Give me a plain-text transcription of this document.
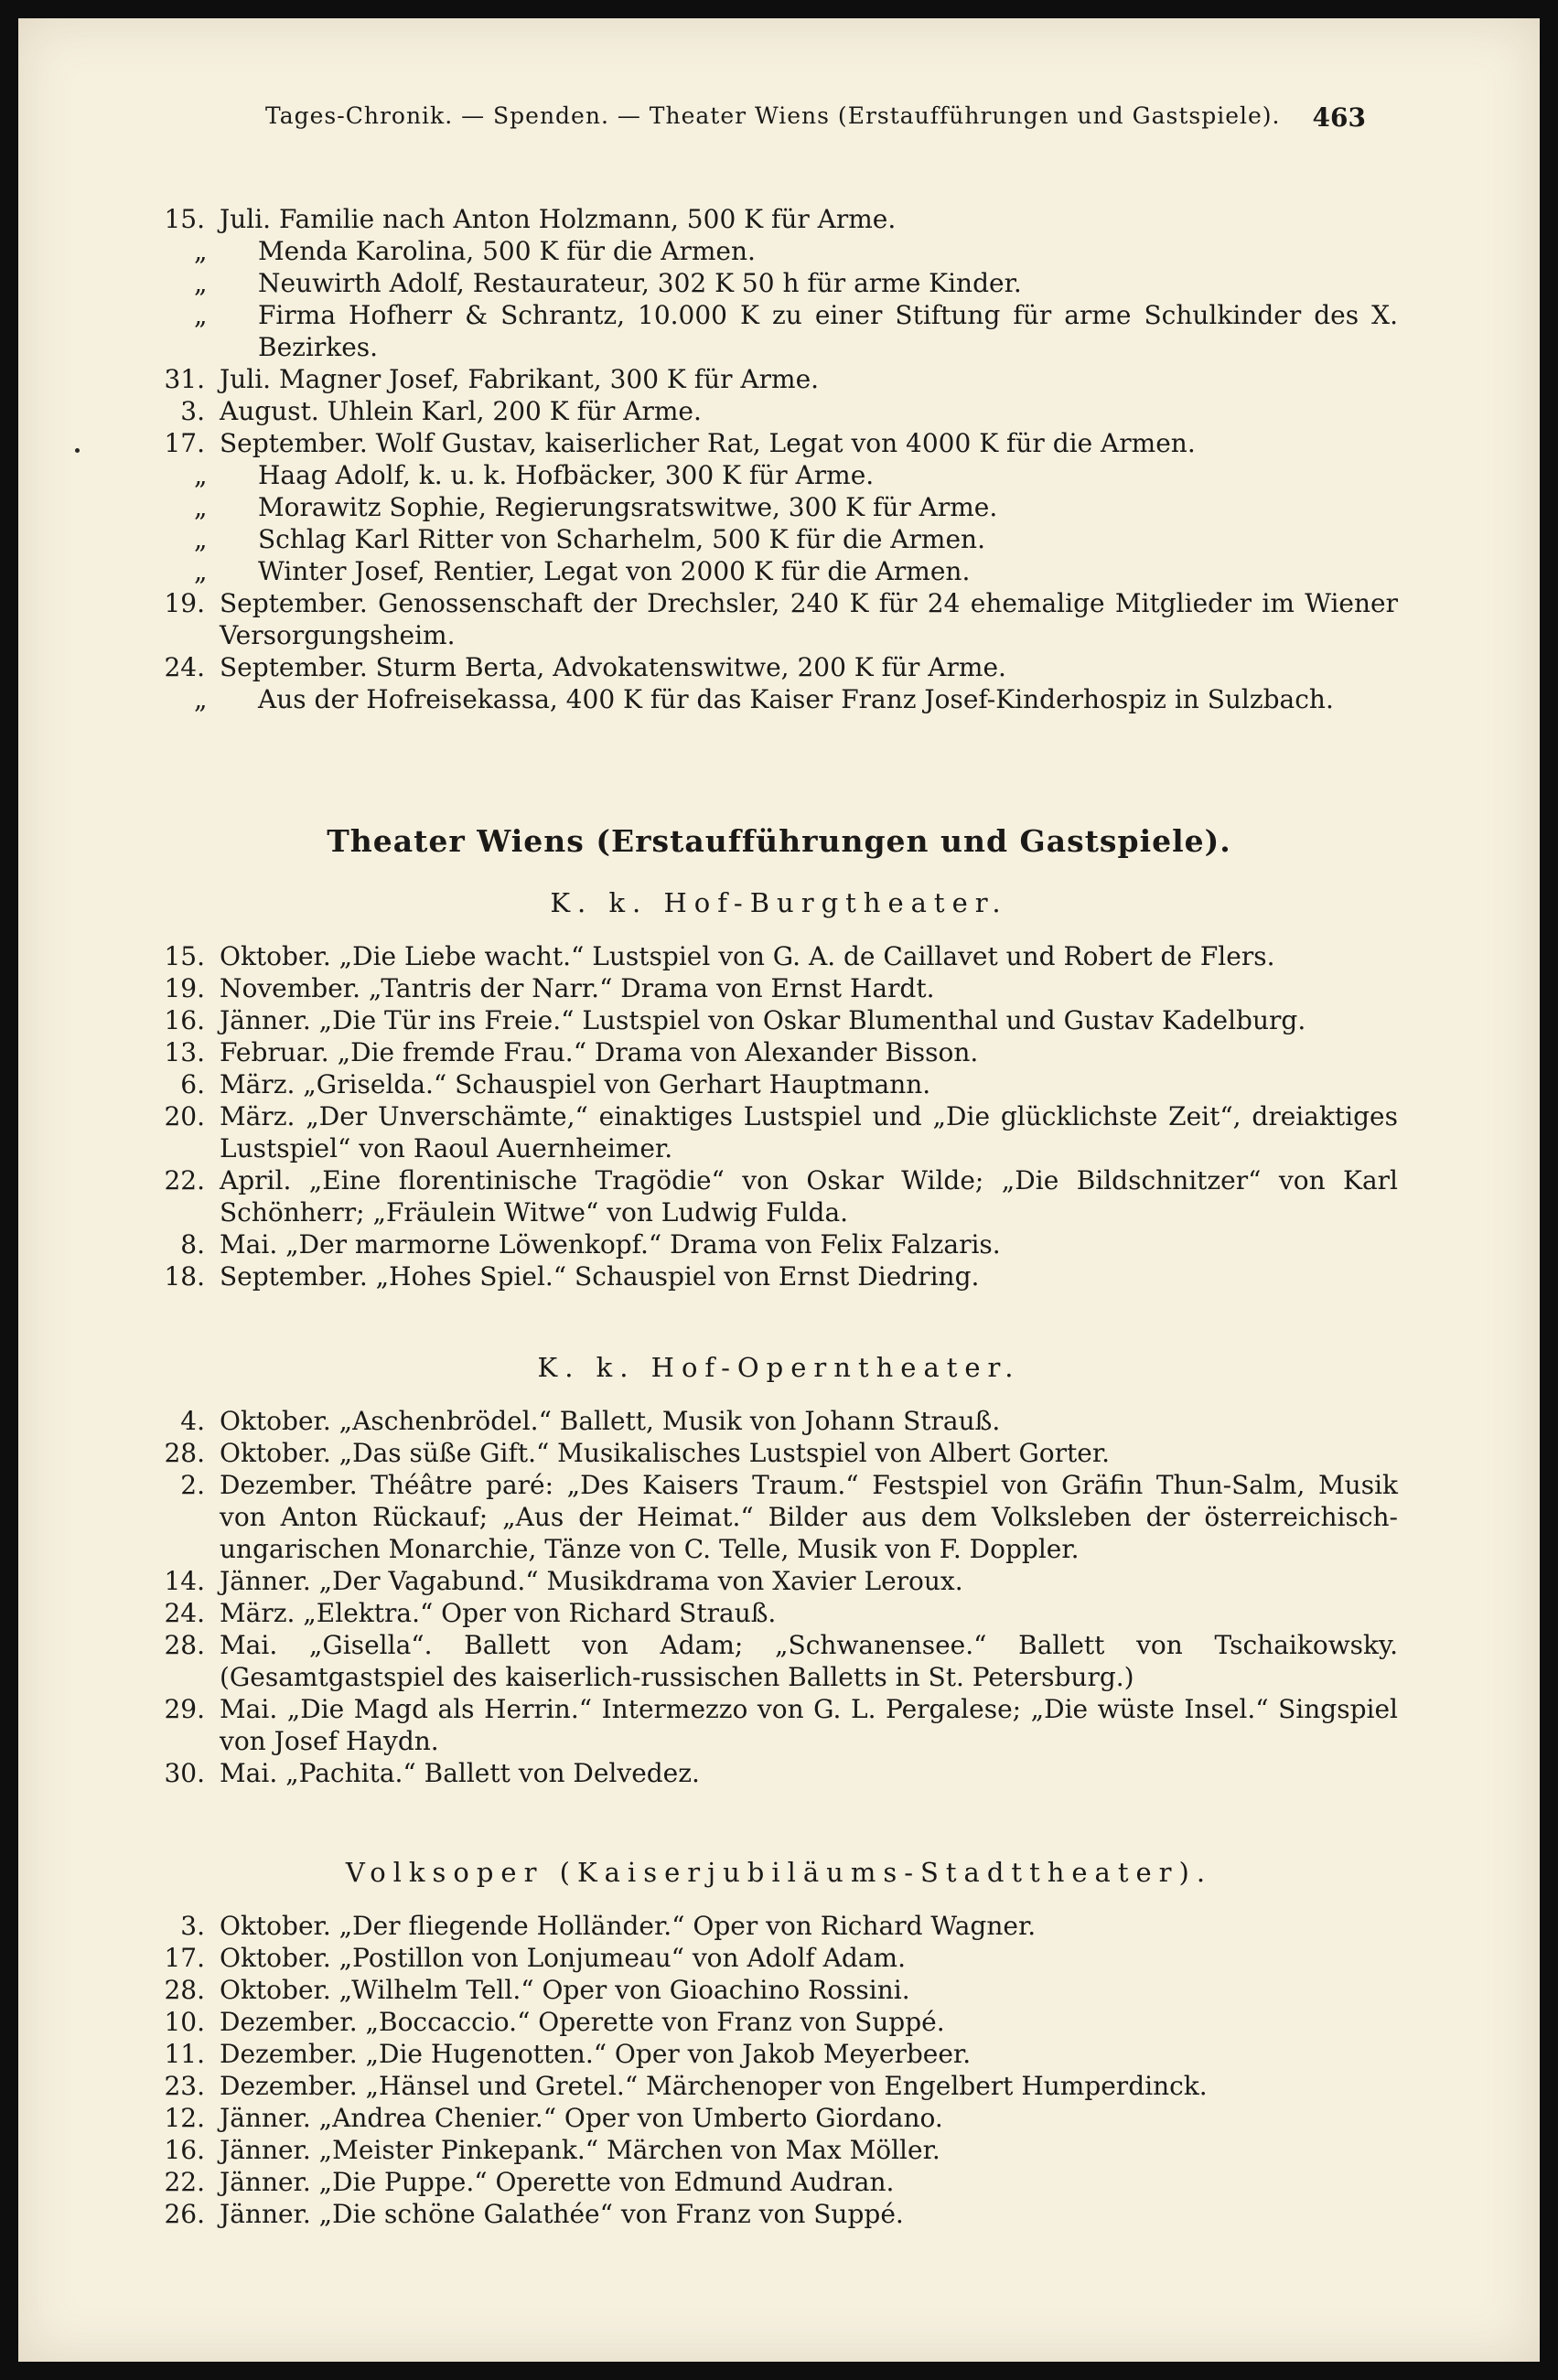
Tages-Chronik. — Spenden. — Theater Wiens (Erstaufführungen und Gastspiele). 463
15. Juli. Familie nach Anton Holzmann, 500 K für Arme.
„	Menda Karolina, 500 K für die Armen.
„	Neuwirth Adolf, Restaurateur, 302 K 50 h für arme Kinder.
„	Firma Hofherr & Schrantz, 10.000 K zu einer Stiftung für arme Schulkinder des X. Bezirkes.
31. Juli. Magner Josef, Fabrikant, 300 K für Arme.
3. August. Uhlein Karl, 200 K für Arme.
17. September. Wolf Gustav, kaiserlicher Rat, Legat von 4000 K für die Armen.
„	Haag Adolf, k. u. k. Hofbäcker, 300 K für Arme.
„	Morawitz Sophie, Regierungsratswitwe, 300 K für Arme.
„	Schlag Karl Ritter von Scharhelm, 500 K für die Armen.
„	Winter Josef, Rentier, Legat von 2000 K für die Armen.
19. September. Genossenschaft der Drechsler, 240 K für 24 ehemalige Mitglieder im Wiener Versorgungsheim.
24. September. Sturm Berta, Advokatenswitwe, 200 K für Arme.
„	Aus der Hofreisekassa, 400 K für das Kaiser Franz Josef-Kinderhospiz in Sulzbach.
Theater Wiens (Erstaufführungen und Gastspiele).
K. k. Hof-Burgtheater.
15. Oktober. „Die Liebe wacht.“ Lustspiel von G. A. de Caillavet und Robert de Flers.
19. November. „Tantris der Narr.“ Drama von Ernst Hardt.
16. Jänner. „Die Tür ins Freie.“ Lustspiel von Oskar Blumenthal und Gustav Kadelburg.
13. Februar. „Die fremde Frau.“ Drama von Alexander Bisson.
6. März. „Griselda.“ Schauspiel von Gerhart Hauptmann.
20. März. „Der Unverschämte,“ einaktiges Lustspiel und „Die glücklichste Zeit“, dreiaktiges Lustspiel“ von Raoul Auernheimer.
22. April. „Eine florentinische Tragödie“ von Oskar Wilde; „Die Bildschnitzer“ von Karl Schönherr; „Fräulein Witwe“ von Ludwig Fulda.
8. Mai. „Der marmorne Löwenkopf.“ Drama von Felix Falzaris.
18. September. „Hohes Spiel.“ Schauspiel von Ernst Diedring.
K. k. Hof-Operntheater.
4. Oktober. „Aschenbrödel.“ Ballett, Musik von Johann Strauß.
28. Oktober. „Das süße Gift.“ Musikalisches Lustspiel von Albert Gorter.
2. Dezember. Théâtre paré: „Des Kaisers Traum.“ Festspiel von Gräfin Thun-Salm, Musik von Anton Rückauf; „Aus der Heimat.“ Bilder aus dem Volksleben der österreichisch-ungarischen Monarchie, Tänze von C. Telle, Musik von F. Doppler.
14. Jänner. „Der Vagabund.“ Musikdrama von Xavier Leroux.
24. März. „Elektra.“ Oper von Richard Strauß.
28. Mai. „Gisella“. Ballett von Adam; „Schwanensee.“ Ballett von Tschaikowsky. (Gesamtgastspiel des kaiserlich-russischen Balletts in St. Petersburg.)
29. Mai. „Die Magd als Herrin.“ Intermezzo von G. L. Pergalese; „Die wüste Insel.“ Singspiel von Josef Haydn.
30. Mai. „Pachita.“ Ballett von Delvedez.
Volksoper (Kaiserjubiläums-Stadttheater).
3. Oktober. „Der fliegende Holländer.“ Oper von Richard Wagner.
17. Oktober. „Postillon von Lonjumeau“ von Adolf Adam.
28. Oktober. „Wilhelm Tell.“ Oper von Gioachino Rossini.
10. Dezember. „Boccaccio.“ Operette von Franz von Suppé.
11. Dezember. „Die Hugenotten.“ Oper von Jakob Meyerbeer.
23. Dezember. „Hänsel und Gretel.“ Märchenoper von Engelbert Humperdinck.
12. Jänner. „Andrea Chenier.“ Oper von Umberto Giordano.
16. Jänner. „Meister Pinkepank.“ Märchen von Max Möller.
22. Jänner. „Die Puppe.“ Operette von Edmund Audran.
26. Jänner. „Die schöne Galathée“ von Franz von Suppé.
